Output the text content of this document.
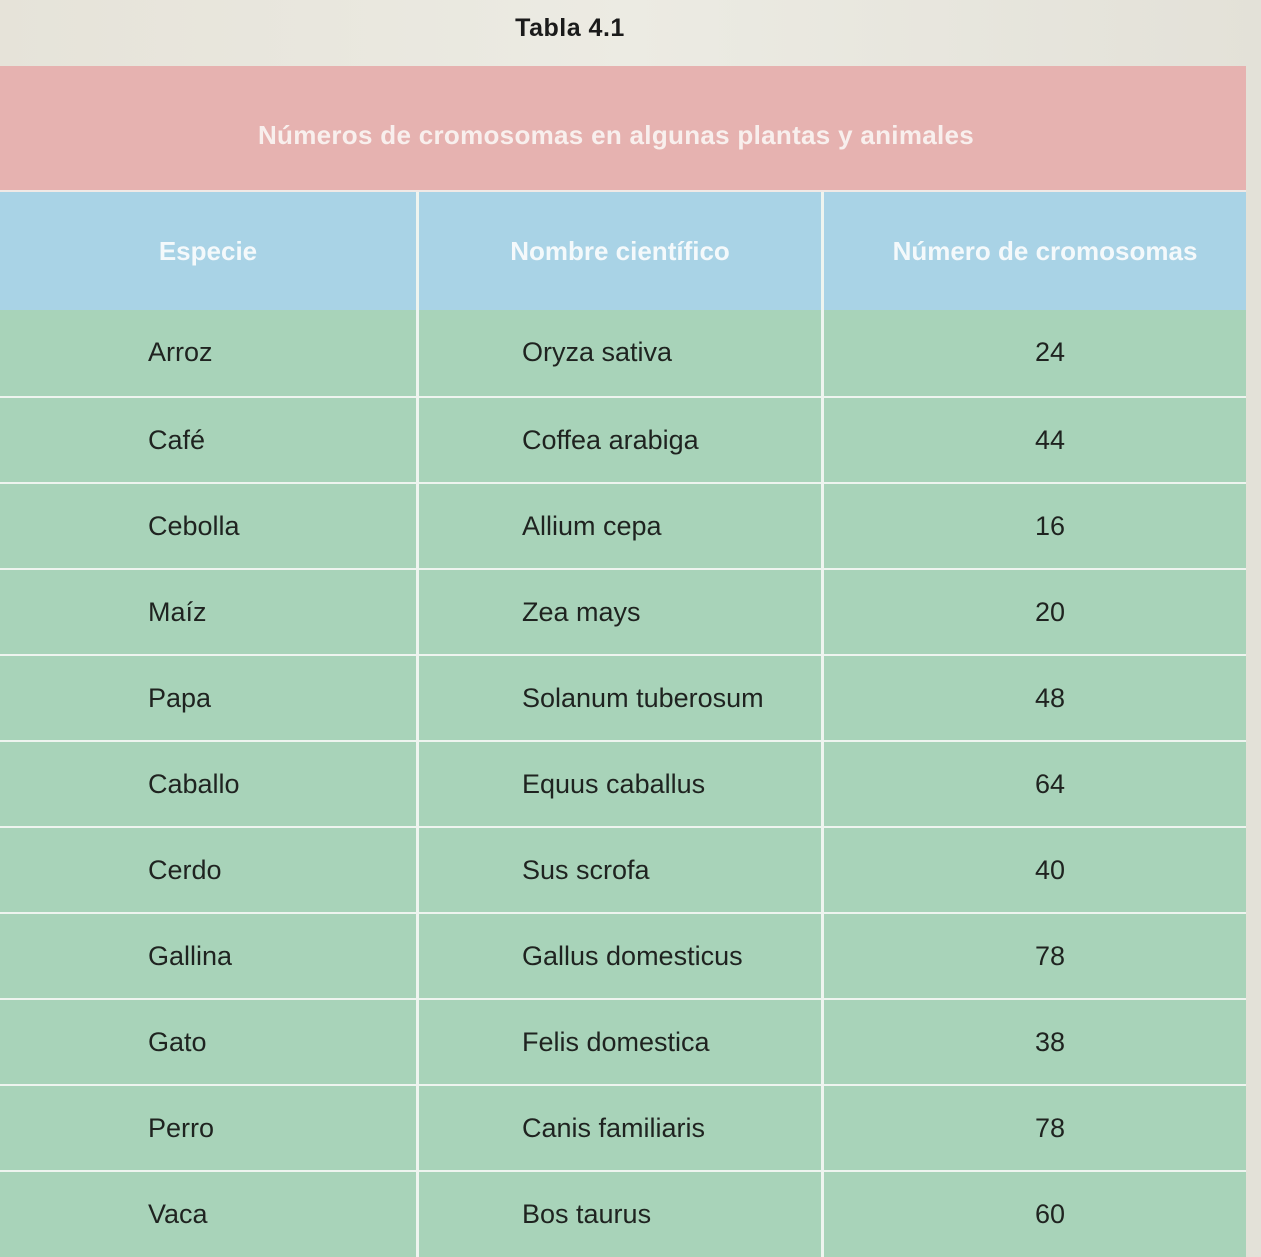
Tabla 4.1
Números de cromosomas en algunas plantas y animales
Especie	Nombre científico	Número de cromosomas
Arroz	Oryza sativa	24
Café	Coffea arabiga	44
Cebolla	Allium cepa	16
Maíz	Zea mays	20
Papa	Solanum tuberosum	48
Caballo	Equus caballus	64
Cerdo	Sus scrofa	40
Gallina	Gallus domesticus	78
Gato	Felis domestica	38
Perro	Canis familiaris	78
Vaca	Bos taurus	60
